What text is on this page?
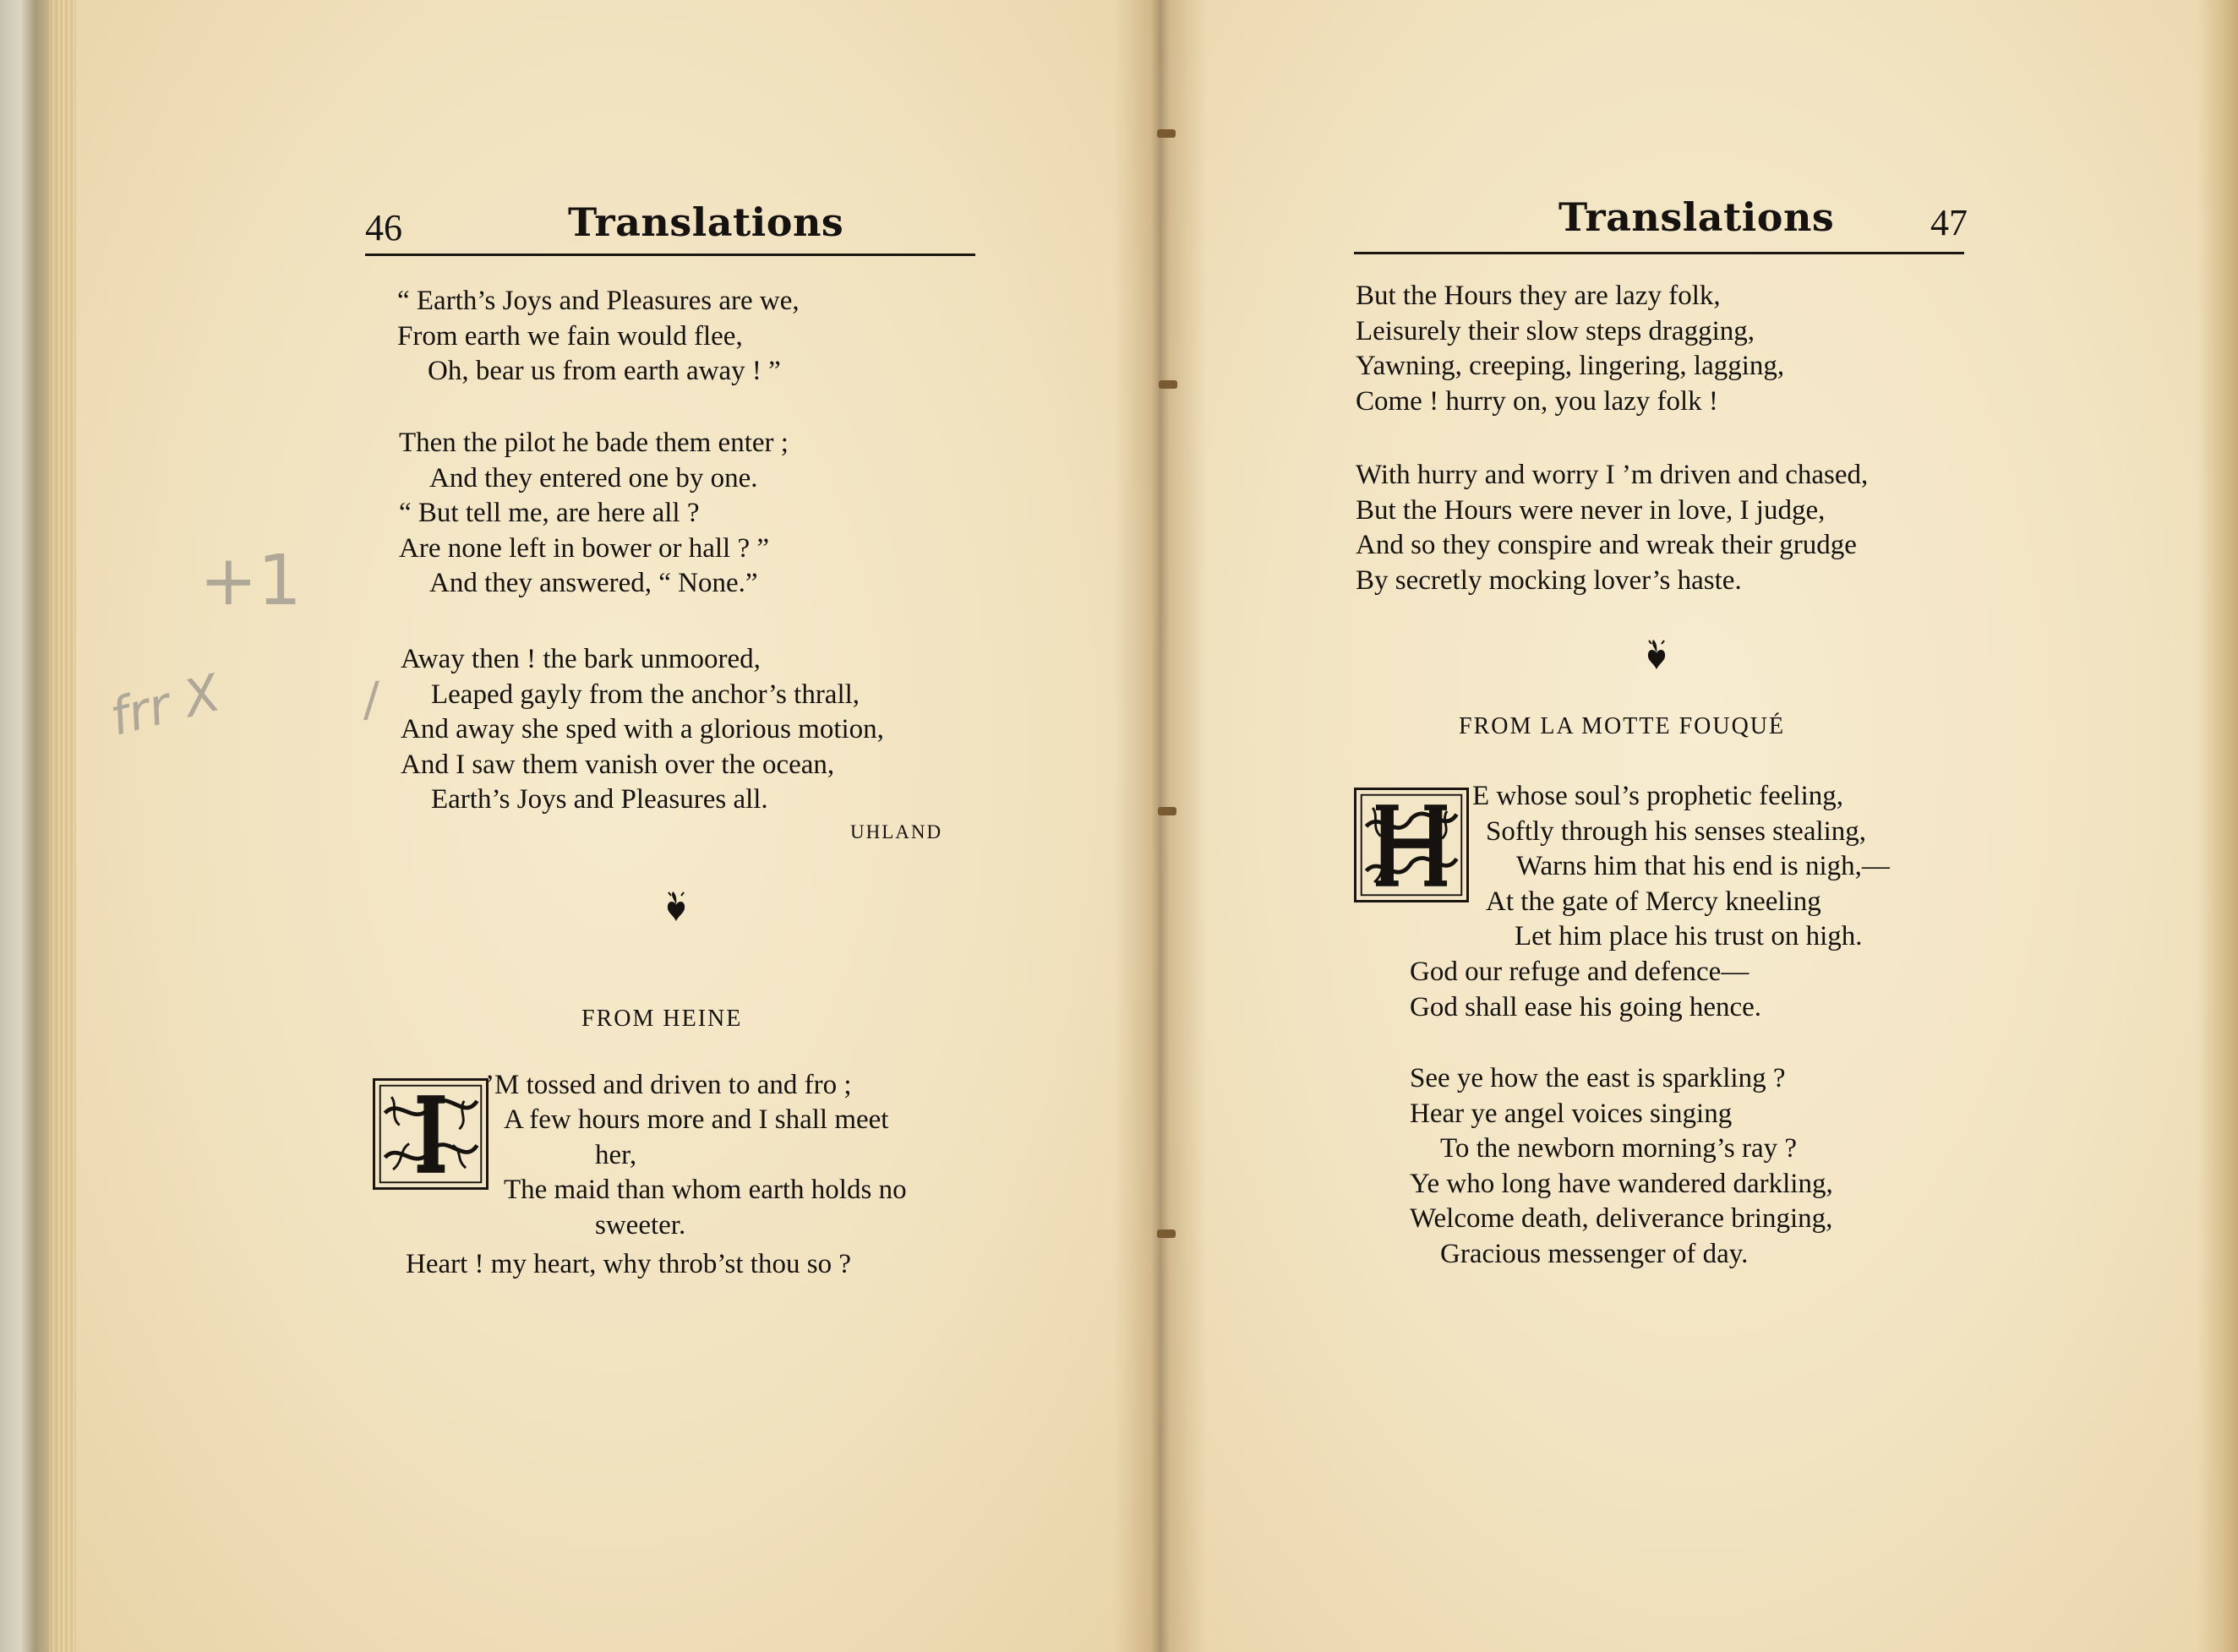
46	Translations
“ Earth’s Joys and Pleasures are we,
From earth we fain would flee,
Oh, bear us from earth away ! ”
Then the pilot he bade them enter ;
And they entered one by one.
“ But tell me, are here all ?
Are none left in bower or hall ? ”
And they answered, “ None.”
Away then ! the bark unmoored,
Leaped gayly from the anchor’s thrall,
And away she sped with a glorious motion,
And I saw them vanish over the ocean,
Earth’s Joys and Pleasures all.
UHLAND
FROM HEINE
’M tossed and driven to and fro ;
A few hours more and I shall meet
her,
The maid than whom earth holds no
sweeter.
Heart ! my heart, why throb’st thou so ?
+1
frr X	/
Translations	47
But the Hours they are lazy folk,
Leisurely their slow steps dragging,
Yawning, creeping, lingering, lagging,
Come ! hurry on, you lazy folk !
With hurry and worry I ’m driven and chased,
But the Hours were never in love, I judge,
And so they conspire and wreak their grudge
By secretly mocking lover’s haste.
FROM LA MOTTE FOUQUÉ
E whose soul’s prophetic feeling,
Softly through his senses stealing,
Warns him that his end is nigh,—
At the gate of Mercy kneeling
Let him place his trust on high.
God our refuge and defence—
God shall ease his going hence.
See ye how the east is sparkling ?
Hear ye angel voices singing
To the newborn morning’s ray ?
Ye who long have wandered darkling,
Welcome death, deliverance bringing,
Gracious messenger of day.
